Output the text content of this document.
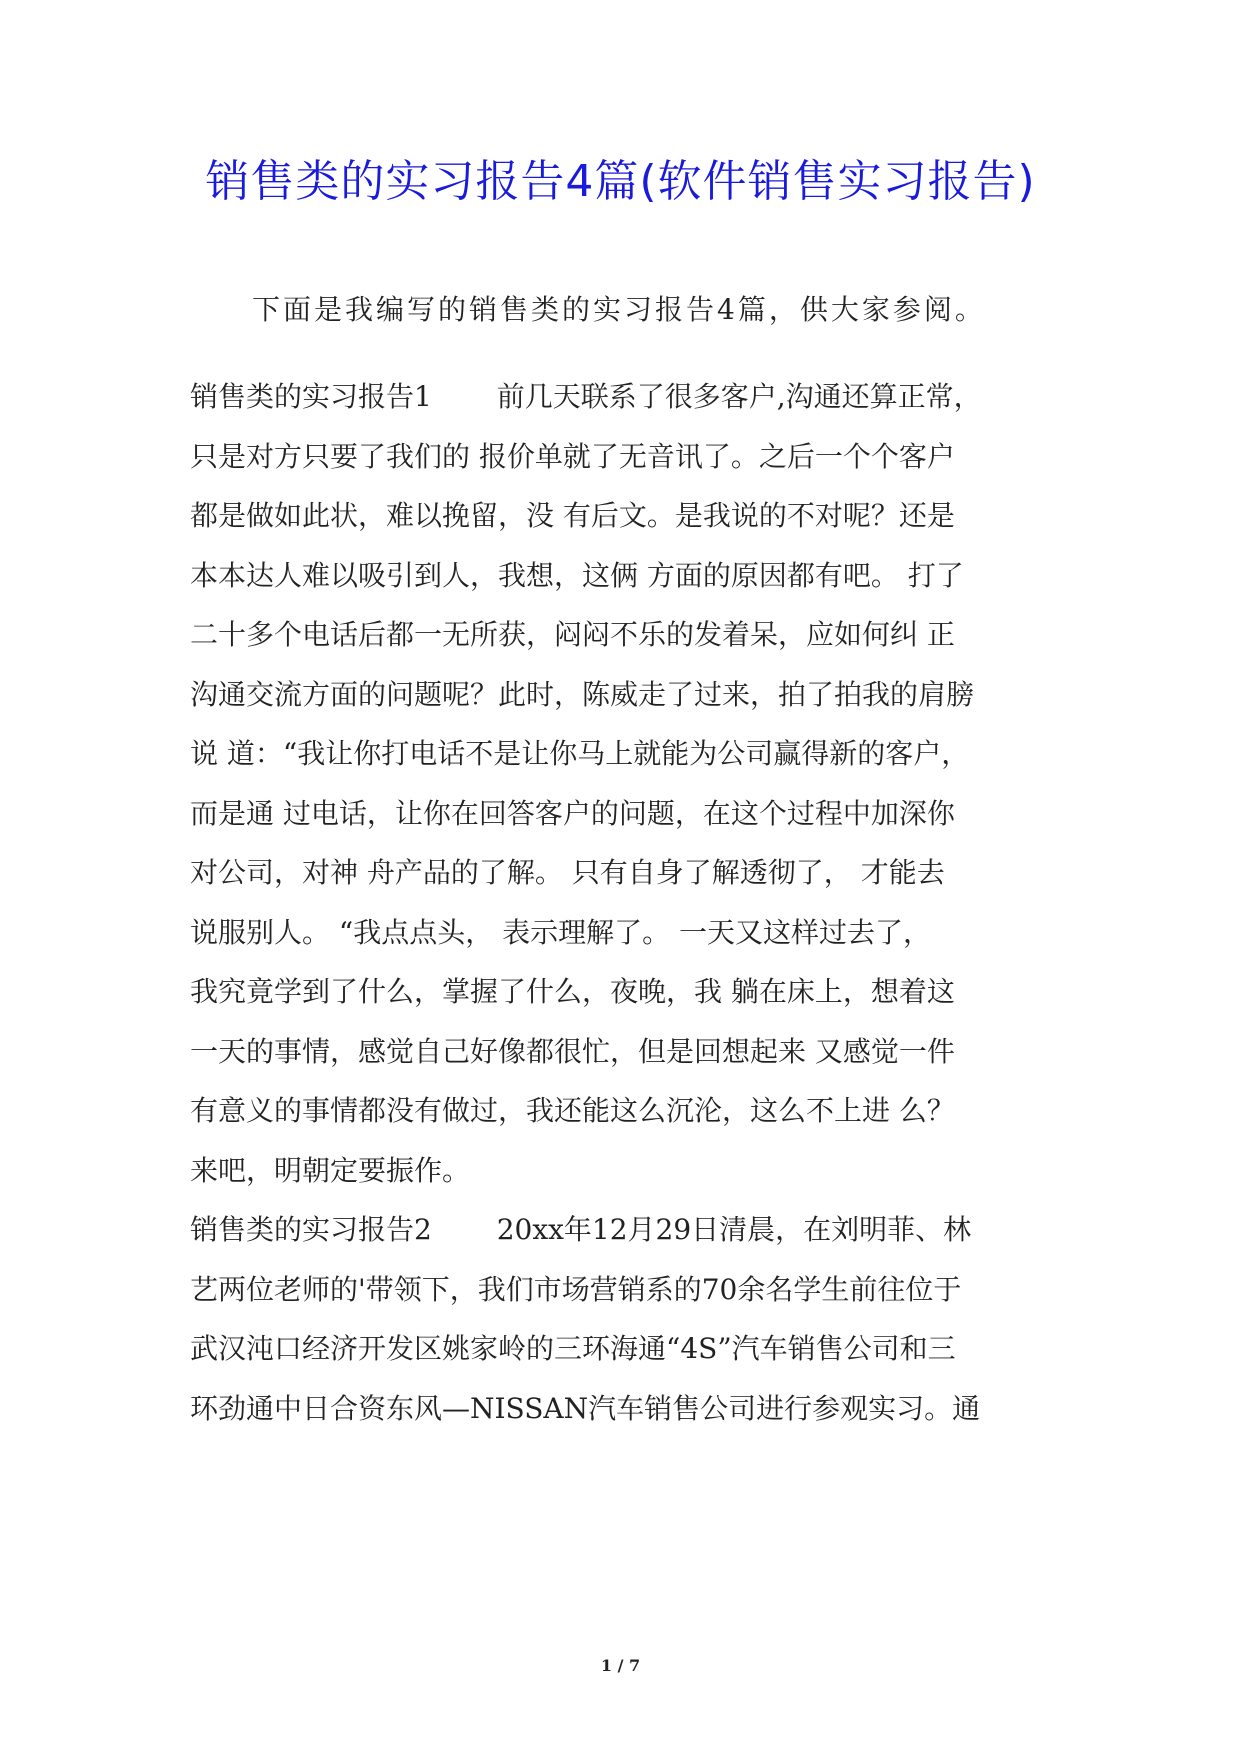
销售类的实习报告4篇(软件销售实习报告)
下面是我编写的销售类的实习报告4篇，供大家参阅。
销售类的实习报告1　　 前几天联系了很多客户,沟通还算正常，
只是对方只要了我们的 报价单就了无音讯了。之后一个个客户
都是做如此状，难以挽留，没 有后文。是我说的不对呢？还是
本本达人难以吸引到人，我想，这俩 方面的原因都有吧。 打了
二十多个电话后都一无所获，闷闷不乐的发着呆，应如何纠 正
沟通交流方面的问题呢？此时，陈威走了过来，拍了拍我的肩膀
说 道：“我让你打电话不是让你马上就能为公司赢得新的客户，
而是通 过电话，让你在回答客户的问题，在这个过程中加深你
对公司，对神 舟产品的了解。 只有自身了解透彻了， 才能去
说服别人。 “我点点头， 表示理解了。 一天又这样过去了，
我究竟学到了什么，掌握了什么，夜晚，我 躺在床上，想着这
一天的事情，感觉自己好像都很忙，但是回想起来 又感觉一件
有意义的事情都没有做过，我还能这么沉沦，这么不上进 么？
来吧，明朝定要振作。
销售类的实习报告2　　 20xx年12月29日清晨，在刘明菲、林
艺两位老师的'带领下，我们市场营销系的70余名学生前往位于
武汉沌口经济开发区姚家岭的三环海通“4S”汽车销售公司和三
环劲通中日合资东风—NISSAN汽车销售公司进行参观实习。通
1 / 7
